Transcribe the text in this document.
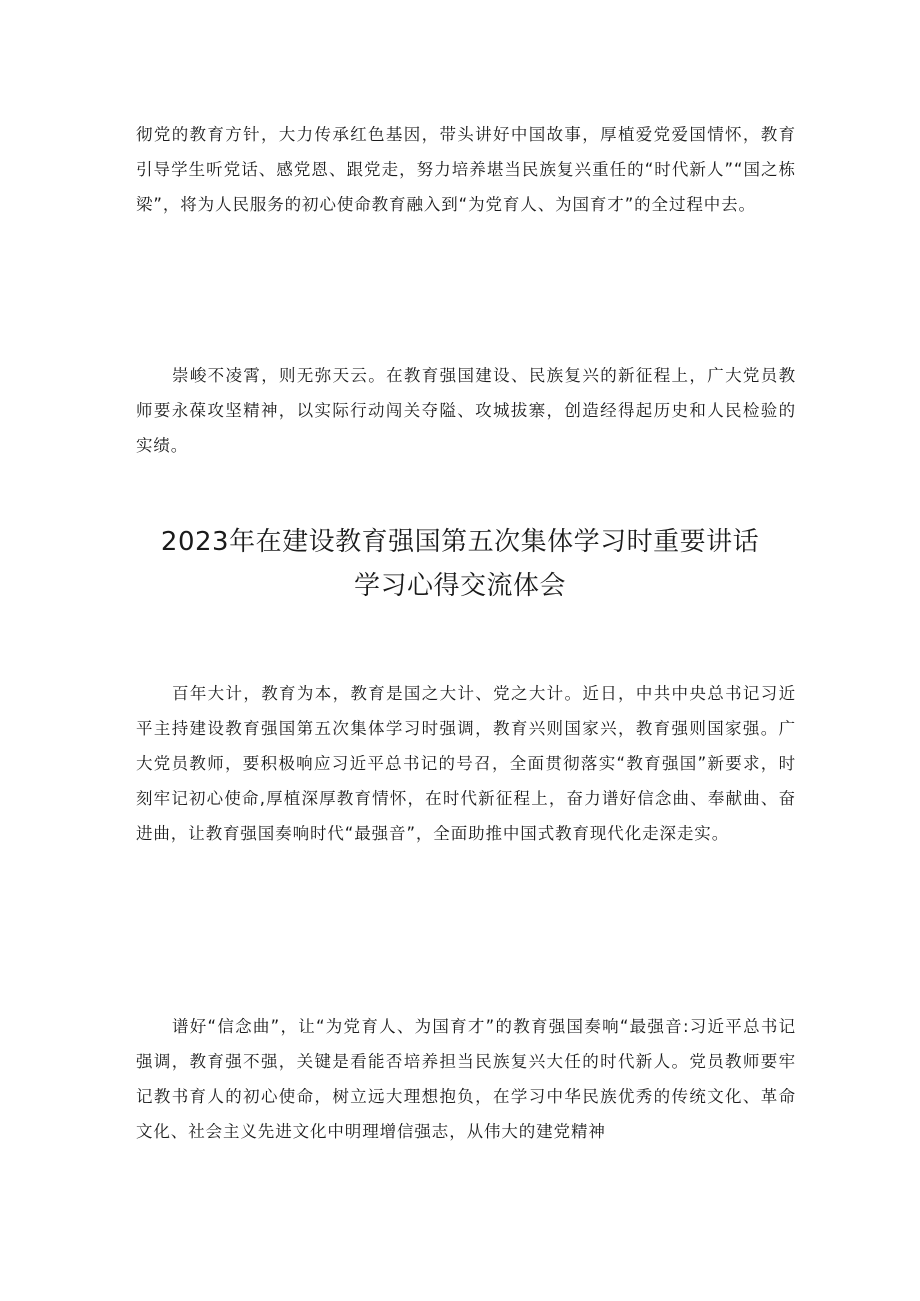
彻党的教育方针，大力传承红色基因，带头讲好中国故事，厚植爱党爱国情怀，教育引导学生听党话、感党恩、跟党走，努力培养堪当民族复兴重任的“时代新人”“国之栋梁”，将为人民服务的初心使命教育融入到“为党育人、为国育才”的全过程中去。

崇峻不凌霄，则无弥天云。在教育强国建设、民族复兴的新征程上，广大党员教师要永葆攻坚精神，以实际行动闯关夺隘、攻城拔寨，创造经得起历史和人民检验的实绩。

2023年在建设教育强国第五次集体学习时重要讲话
学习心得交流体会

百年大计，教育为本，教育是国之大计、党之大计。近日，中共中央总书记习近平主持建设教育强国第五次集体学习时强调，教育兴则国家兴，教育强则国家强。广大党员教师，要积极响应习近平总书记的号召，全面贯彻落实“教育强国”新要求，时刻牢记初心使命,厚植深厚教育情怀，在时代新征程上，奋力谱好信念曲、奉献曲、奋进曲，让教育强国奏响时代“最强音”，全面助推中国式教育现代化走深走实。

谱好“信念曲”，让“为党育人、为国育才”的教育强国奏响“最强音:习近平总书记强调，教育强不强，关键是看能否培养担当民族复兴大任的时代新人。党员教师要牢记教书育人的初心使命，树立远大理想抱负，在学习中华民族优秀的传统文化、革命文化、社会主义先进文化中明理增信强志，从伟大的建党精神
